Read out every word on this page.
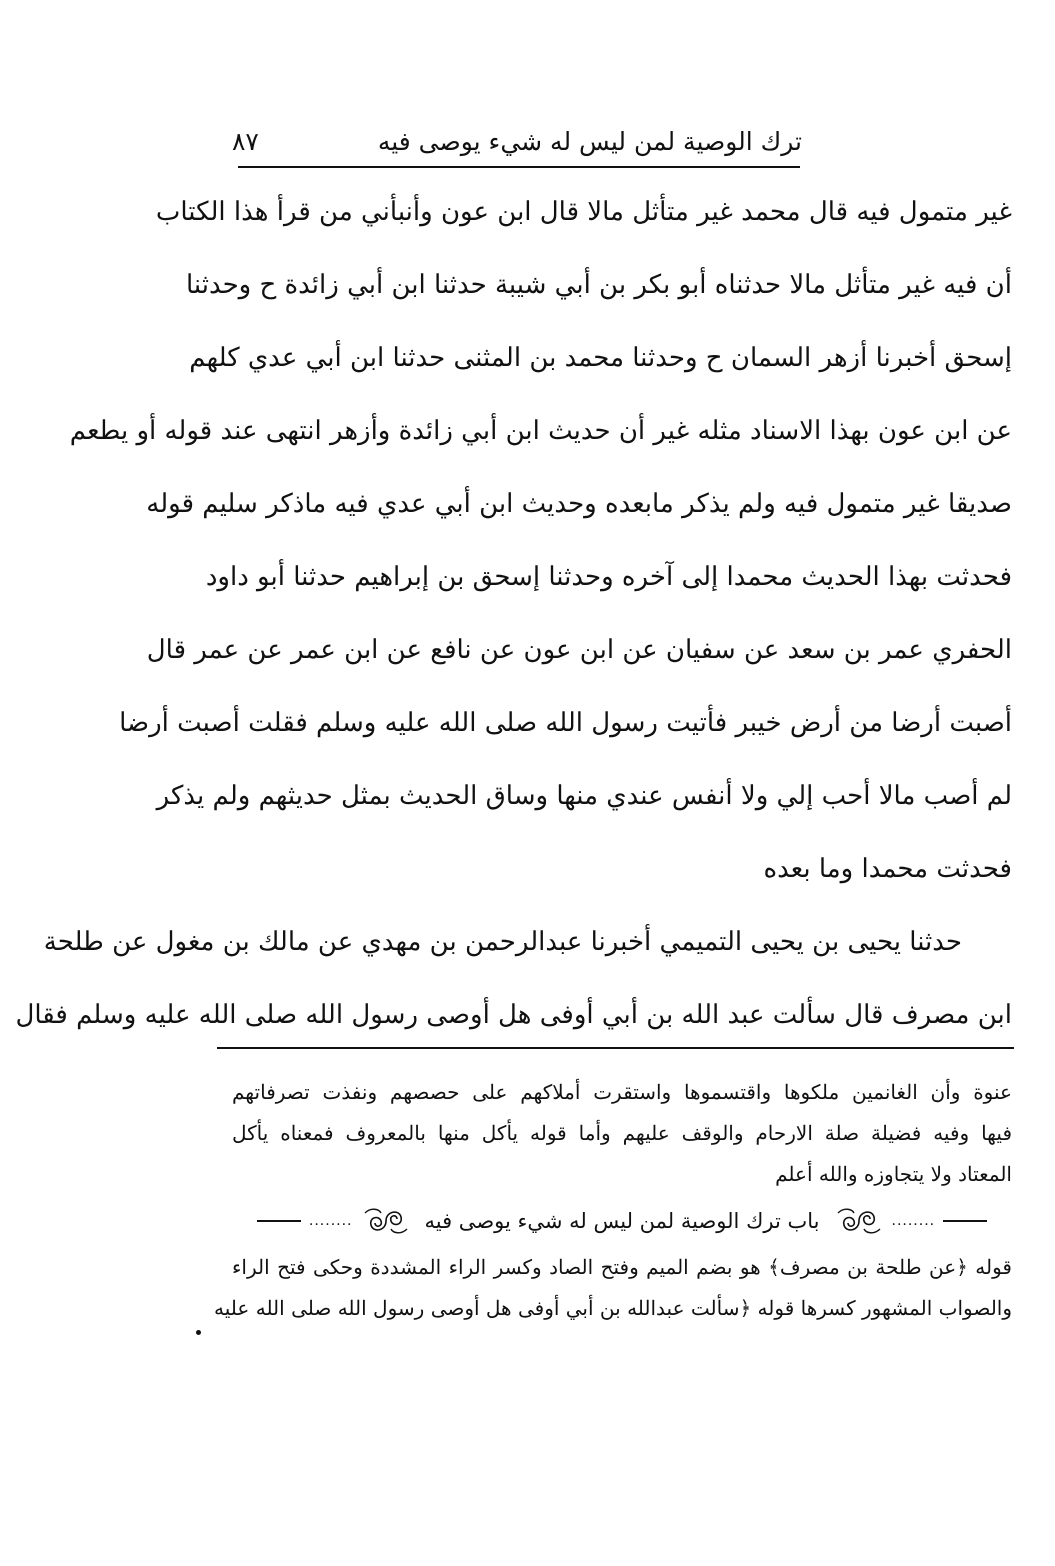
ترك الوصية لمن ليس له شيء يوصى فيه
٨٧
غير متمول فيه قال محمد غير متأثل مالا قال ابن عون وأنبأني من قرأ هذا الكتاب
أن فيه غير متأثل مالا حدثناه أبو بكر بن أبي شيبة حدثنا ابن أبي زائدة ح وحدثنا
إسحق أخبرنا أزهر السمان ح وحدثنا محمد بن المثنى حدثنا ابن أبي عدي كلهم
عن ابن عون بهذا الاسناد مثله غير أن حديث ابن أبي زائدة وأزهر انتهى عند قوله أو يطعم
صديقا غير متمول فيه ولم يذكر مابعده وحديث ابن أبي عدي فيه ماذكر سليم قوله
فحدثت بهذا الحديث محمدا إلى آخره وحدثنا إسحق بن إبراهيم حدثنا أبو داود
الحفري عمر بن سعد عن سفيان عن ابن عون عن نافع عن ابن عمر عن عمر قال
أصبت أرضا من أرض خيبر فأتيت رسول الله صلى الله عليه وسلم فقلت أصبت أرضا
لم أصب مالا أحب إلي ولا أنفس عندي منها وساق الحديث بمثل حديثهم ولم يذكر
فحدثت محمدا وما بعده
حدثنا يحيى بن يحيى التميمي أخبرنا عبدالرحمن بن مهدي عن مالك بن مغول عن طلحة
ابن مصرف قال سألت عبد الله بن أبي أوفى هل أوصى رسول الله صلى الله عليه وسلم فقال
عنوة وأن الغانمين ملكوها واقتسموها واستقرت أملاكهم على حصصهم ونفذت تصرفاتهم
فيها وفيه فضيلة صلة الارحام والوقف عليهم وأما قوله يأكل منها بالمعروف فمعناه يأكل
المعتاد ولا يتجاوزه والله أعلم
........
باب ترك الوصية لمن ليس له شيء يوصى فيه
........
قوله ﴿عن طلحة بن مصرف﴾ هو بضم الميم وفتح الصاد وكسر الراء المشددة وحكى فتح الراء
والصواب المشهور كسرها قوله ﴿سألت عبدالله بن أبي أوفى هل أوصى رسول الله صلى الله عليه
